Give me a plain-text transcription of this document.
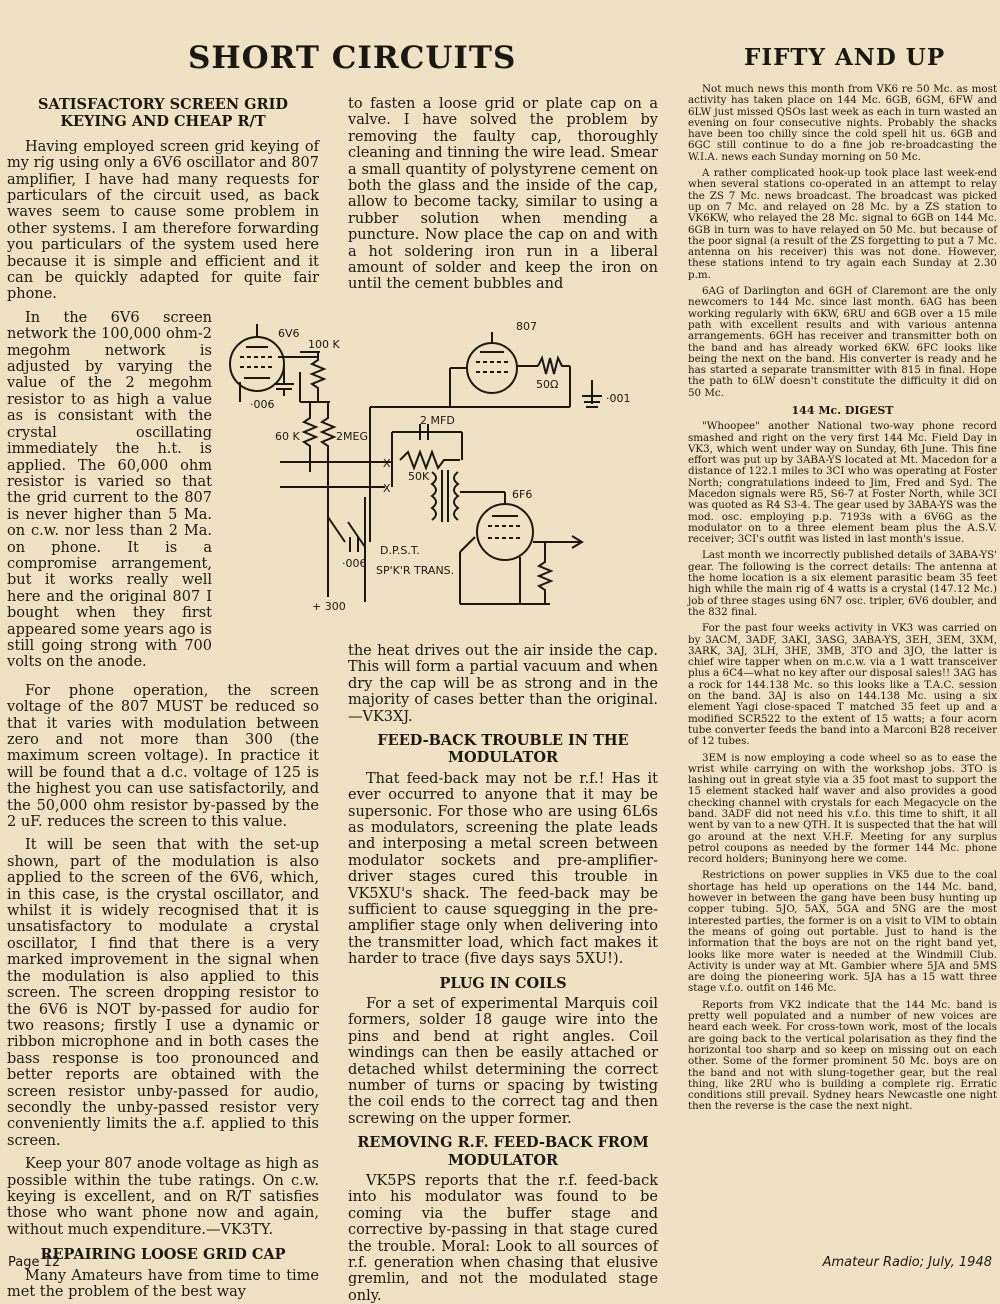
SHORT CIRCUITS	FIFTY AND UP
SATISFACTORY SCREEN GRID KEYING AND CHEAP R/T

Having employed screen grid keying of my rig using only a 6V6 oscillator and 807 amplifier, I have had many requests for particulars of the circuit used, as back waves seem to cause some problem in other systems. I am therefore forwarding you particulars of the system used here because it is simple and efficient and it can be quickly adapted for quite fair phone.

In the 6V6 screen network the 100,000 ohm-2 megohm network is adjusted by varying the value of the 2 megohm resistor to as high a value as is consistant with the crystal oscillating immediately the h.t. is applied. The 60,000 ohm resistor is varied so that the grid current to the 807 is never higher than 5 Ma. on c.w. nor less than 2 Ma. on phone. It is a compromise arrangement, but it works really well here and the original 807 I bought when they first appeared some years ago is still going strong with 700 volts on the anode.

For phone operation, the screen voltage of the 807 MUST be reduced so that it varies with modulation between zero and not more than 300 (the maximum screen voltage). In practice it will be found that a d.c. voltage of 125 is the highest you can use satisfactorily, and the 50,000 ohm resistor by-passed by the 2 uF. reduces the screen to this value.

It will be seen that with the set-up shown, part of the modulation is also applied to the screen of the 6V6, which, in this case, is the crystal oscillator, and whilst it is widely recognised that it is unsatisfactory to modulate a crystal oscillator, I find that there is a very marked improvement in the signal when the modulation is also applied to this screen. The screen dropping resistor to the 6V6 is NOT by-passed for audio for two reasons; firstly I use a dynamic or ribbon microphone and in both cases the bass response is too pronounced and better reports are obtained with the screen resistor unby-passed for audio, secondly the unby-passed resistor very conveniently limits the a.f. applied to this screen.

Keep your 807 anode voltage as high as possible within the tube ratings. On c.w. keying is excellent, and on R/T satisfies those who want phone now and again, without much expenditure.—VK3TY.

REPAIRING LOOSE GRID CAP

Many Amateurs have from time to time met the problem of the best way

to fasten a loose grid or plate cap on a valve. I have solved the problem by removing the faulty cap, thoroughly cleaning and tinning the wire lead. Smear a small quantity of polystyrene cement on both the glass and the inside of the cap, allow to become tacky, similar to using a rubber solution when mending a puncture. Now place the cap on and with a hot soldering iron run in a liberal amount of solder and keep the iron on until the cement bubbles and

the heat drives out the air inside the cap. This will form a partial vacuum and when dry the cap will be as strong and in the majority of cases better than the original.—VK3XJ.

FEED-BACK TROUBLE IN THE MODULATOR

That feed-back may not be r.f.! Has it ever occurred to anyone that it may be supersonic. For those who are using 6L6s as modulators, screening the plate leads and interposing a metal screen between modulator sockets and pre-amplifier-driver stages cured this trouble in VK5XU's shack. The feed-back may be sufficient to cause squegging in the pre-amplifier stage only when delivering into the transmitter load, which fact makes it harder to trace (five days says 5XU!).

PLUG IN COILS

For a set of experimental Marquis coil formers, solder 18 gauge wire into the pins and bend at right angles. Coil windings can then be easily attached or detached whilst determining the correct number of turns or spacing by twisting the coil ends to the correct tag and then screwing on the upper former.

REMOVING R.F. FEED-BACK FROM MODULATOR

VK5PS reports that the r.f. feed-back into his modulator was found to be coming via the buffer stage and corrective by-passing in that stage cured the trouble. Moral: Look to all sources of r.f. generation when chasing that elusive gremlin, and not the modulated stage only.

6V6
100 K
·006
60 K	2MEG
807
50Ω
·001
2 MFD
50K
6F6
·006
D.P.S.T.
SP'K'R TRANS.
+ 300
X
X

Not much news this month from VK6 re 50 Mc. as most activity has taken place on 144 Mc. 6GB, 6GM, 6FW and 6LW just missed QSOs last week as each in turn wasted an evening on four consecutive nights. Probably the shacks have been too chilly since the cold spell hit us. 6GB and 6GC still continue to do a fine job re-broadcasting the W.I.A. news each Sunday morning on 50 Mc.

A rather complicated hook-up took place last week-end when several stations co-operated in an attempt to relay the ZS 7 Mc. news broadcast. The broadcast was picked up on 7 Mc. and relayed on 28 Mc. by a ZS station to VK6KW, who relayed the 28 Mc. signal to 6GB on 144 Mc. 6GB in turn was to have relayed on 50 Mc. but because of the poor signal (a result of the ZS forgetting to put a 7 Mc. antenna on his receiver) this was not done. However, these stations intend to try again each Sunday at 2.30 p.m.

6AG of Darlington and 6GH of Claremont are the only newcomers to 144 Mc. since last month. 6AG has been working regularly with 6KW, 6RU and 6GB over a 15 mile path with excellent results and with various antenna arrangements. 6GH has receiver and transmitter both on the band and has already worked 6KW. 6FC looks like being the next on the band. His converter is ready and he has started a separate transmitter with 815 in final. Hope the path to 6LW doesn't constitute the difficulty it did on 50 Mc.

144 Mc. DIGEST

"Whoopee" another National two-way phone record smashed and right on the very first 144 Mc. Field Day in VK3, which went under way on Sunday, 6th June. This fine effort was put up by 3ABA-YS located at Mt. Macedon for a distance of 122.1 miles to 3CI who was operating at Foster North; congratulations indeed to Jim, Fred and Syd. The Macedon signals were R5, S6-7 at Foster North, while 3CI was quoted as R4 S3-4. The gear used by 3ABA-YS was the mod. osc. employing p.p. 7193s with a 6V6G as the modulator on to a three element beam plus the A.S.V. receiver; 3CI's outfit was listed in last month's issue.

Last month we incorrectly published details of 3ABA-YS' gear. The following is the correct details: The antenna at the home location is a six element parasitic beam 35 feet high while the main rig of 4 watts is a crystal (147.12 Mc.) job of three stages using 6N7 osc. tripler, 6V6 doubler, and the 832 final.

For the past four weeks activity in VK3 was carried on by 3ACM, 3ADF, 3AKI, 3ASG, 3ABA-YS, 3EH, 3EM, 3XM, 3ARK, 3AJ, 3LH, 3HE, 3MB, 3TO and 3JO, the latter is chief wire tapper when on m.c.w. via a 1 watt transceiver plus a 6C4—what no key after our disposal sales!! 3AG has a rock for 144.138 Mc. so this looks like a T.A.C. session on the band. 3AJ is also on 144.138 Mc. using a six element Yagi close-spaced T matched 35 feet up and a modified SCR522 to the extent of 15 watts; a four acorn tube converter feeds the band into a Marconi B28 receiver of 12 tubes.

3EM is now employing a code wheel so as to ease the wrist while carrying on with the workshop jobs. 3TO is lashing out in great style via a 35 foot mast to support the 15 element stacked half waver and also provides a good checking channel with crystals for each Megacycle on the band. 3ADF did not need his v.f.o. this time to shift, it all went by van to a new QTH. It is suspected that the hat will go around at the next V.H.F. Meeting for any surplus petrol coupons as needed by the former 144 Mc. phone record holders; Buninyong here we come.

Restrictions on power supplies in VK5 due to the coal shortage has held up operations on the 144 Mc. band, however in between the gang have been busy hunting up copper tubing. 5JO, 5AX, 5GA and 5NG are the most interested parties, the former is on a visit to VIM to obtain the means of going out portable. Just to hand is the information that the boys are not on the right band yet, looks like more water is needed at the Windmill Club. Activity is under way at Mt. Gambier where 5JA and 5MS are doing the pioneering work. 5JA has a 15 watt three stage v.f.o. outfit on 146 Mc.

Reports from VK2 indicate that the 144 Mc. band is pretty well populated and a number of new voices are heard each week. For cross-town work, most of the locals are going back to the vertical polarisation as they find the horizontal too sharp and so keep on missing out on each other. Some of the former prominent 50 Mc. boys are on the band and not with slung-together gear, but the real thing, like 2RU who is building a complete rig. Erratic conditions still prevail. Sydney hears Newcastle one night then the reverse is the case the next night.

Page 12	Amateur Radio; July, 1948
